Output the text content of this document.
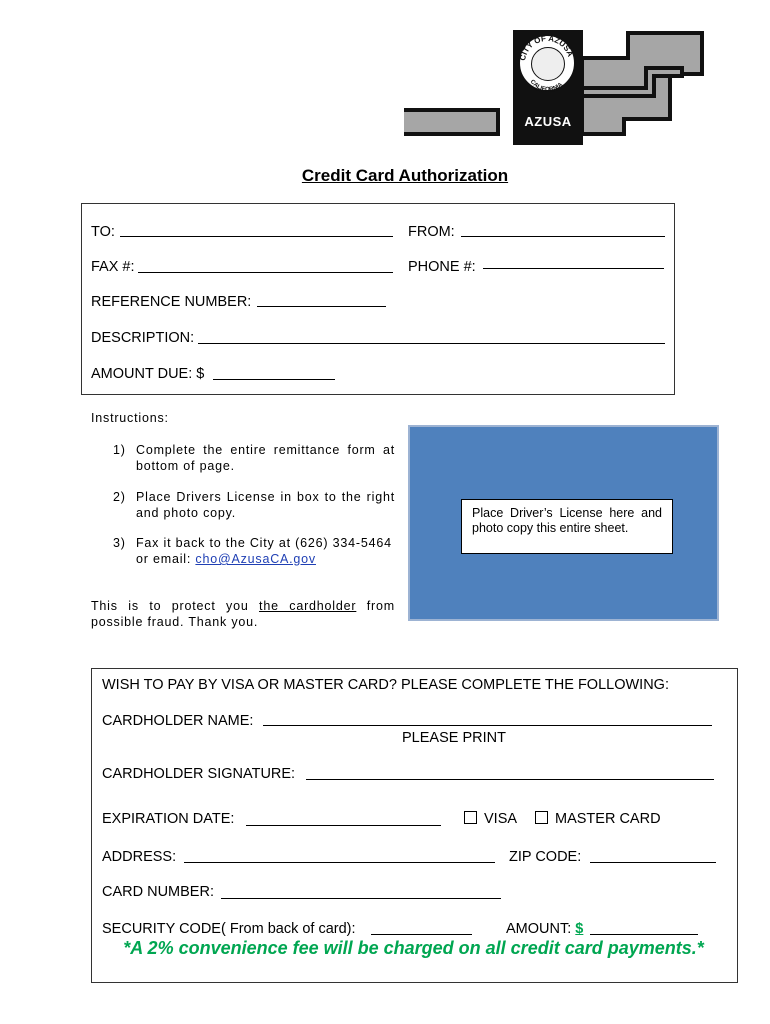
CITY OF AZUSA
CALIFORNIA
AZUSA
Credit Card Authorization
TO:	FROM:
FAX #:	PHONE #:
REFERENCE NUMBER:
DESCRIPTION:
AMOUNT DUE: $
Instructions:
1) Complete the entire remittance form at bottom of page.
2) Place Drivers License in box to the right and photo copy.
3) Fax it back to the City at (626) 334-5464 or email: cho@AzusaCA.gov
This is to protect you the cardholder from possible fraud. Thank you.
Place Driver’s License here and photo copy this entire sheet.
WISH TO PAY BY VISA OR MASTER CARD? PLEASE COMPLETE THE FOLLOWING:
CARDHOLDER NAME:
PLEASE PRINT
CARDHOLDER SIGNATURE:
EXPIRATION DATE:	VISA	MASTER CARD
ADDRESS:	ZIP CODE:
CARD NUMBER:
SECURITY CODE( From back of card):	AMOUNT: $
*A 2% convenience fee will be charged on all credit card payments.*
